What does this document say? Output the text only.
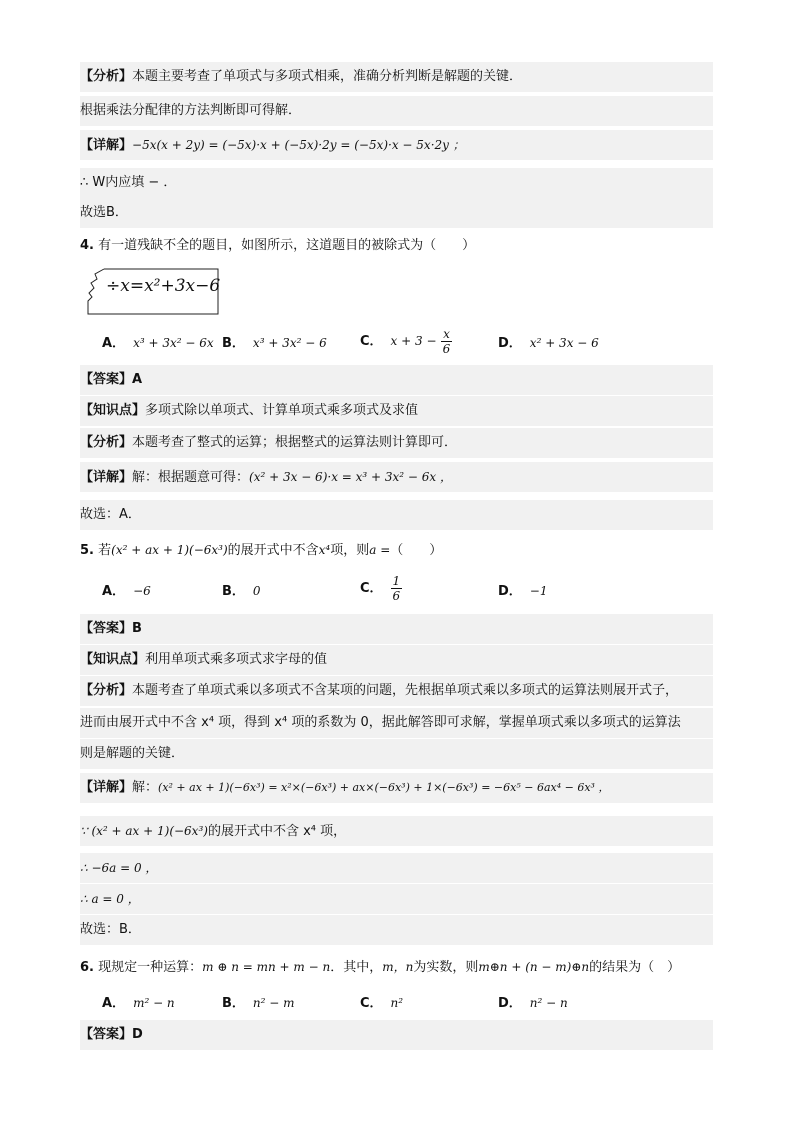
【分析】本题主要考查了单项式与多项式相乘，准确分析判断是解题的关键．
根据乘法分配律的方法判断即可得解．
【详解】−5x(x + 2y) = (−5x)·x + (−5x)·2y = (−5x)·x − 5x·2y ；
∴ W内应填 − ．
故选B．
4. 有一道残缺不全的题目，如图所示，这道题目的被除式为（　　）
÷x=x²+3x−6
A． x³ + 3x² − 6x B． x³ + 3x² − 6	C． $x + 3 - \frac{x}{6}$	D． x² + 3x − 6
【答案】A
【知识点】多项式除以单项式、计算单项式乘多项式及求值
【分析】本题考查了整式的运算；根据整式的运算法则计算即可．
【详解】解：根据题意可得：(x² + 3x − 6)·x = x³ + 3x² − 6x ，
故选：A．
5. 若(x² + ax + 1)(−6x³)的展开式中不含x⁴项，则a =（　　）
A． −6	B． 0	C． $\frac{1}{6}$	D． −1
【答案】B
【知识点】利用单项式乘多项式求字母的值
【分析】本题考查了单项式乘以多项式不含某项的问题，先根据单项式乘以多项式的运算法则展开式子，
进而由展开式中不含 x⁴ 项，得到 x⁴ 项的系数为 0，据此解答即可求解，掌握单项式乘以多项式的运算法
则是解题的关键．
【详解】解：(x² + ax + 1)(−6x³) = x²×(−6x³) + ax×(−6x³) + 1×(−6x³) = −6x⁵ − 6ax⁴ − 6x³ ，
∵ (x² + ax + 1)(−6x³)的展开式中不含 x⁴ 项，
∴ −6a = 0 ，
∴ a = 0 ，
故选：B．
6. 现规定一种运算：m ⊕ n = mn + m − n．其中，m，n为实数，则m⊕n + (n − m)⊕n的结果为（　）
A． m² − n	B． n² − m	C． n²	D． n² − n
【答案】D
